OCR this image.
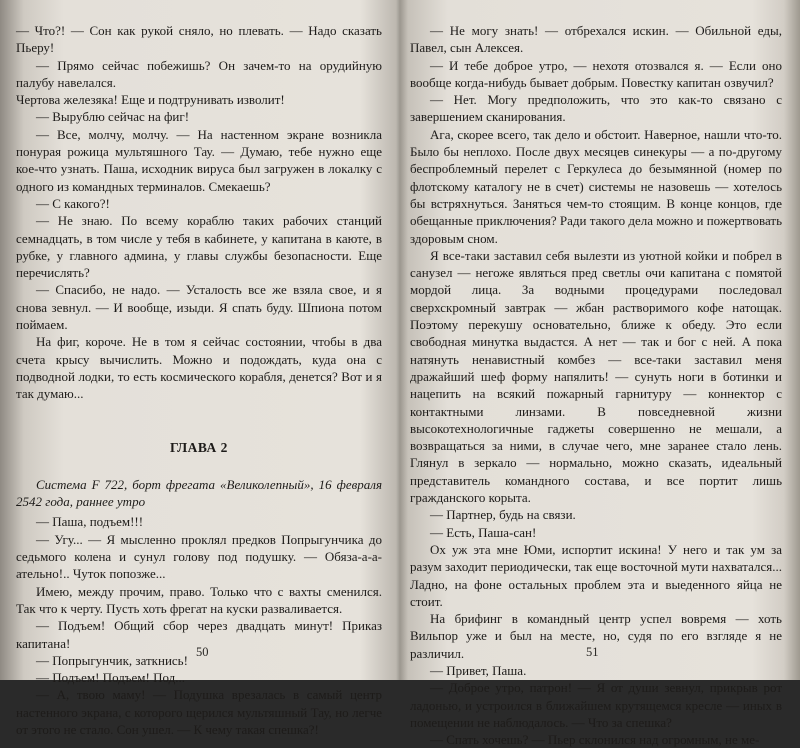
— Что?! — Сон как рукой сняло, но плевать. — Надо сказать Пьеру!

— Прямо сейчас побежишь? Он зачем-то на орудийную палубу навелался.

Чертова железяка! Еще и подтрунивать изволит!

— Вырублю сейчас на фиг!

— Все, молчу, молчу. — На настенном экране возникла понурая рожица мультяшного Тау. — Думаю, тебе нужно еще кое-что узнать. Паша, исходник вируса был загружен в локалку с одного из командных терминалов. Смекаешь?

— С какого?!

— Не знаю. По всему кораблю таких рабочих станций семнадцать, в том числе у тебя в кабинете, у капитана в каюте, в рубке, у главного админа, у главы службы безопасности. Еще перечислять?

— Спасибо, не надо. — Усталость все же взяла свое, и я снова зевнул. — И вообще, изыди. Я спать буду. Шпиона потом поймаем.

На фиг, короче. Не в том я сейчас состоянии, чтобы в два счета крысу вычислить. Можно и подождать, куда она с подводной лодки, то есть космического корабля, денется? Вот и я так думаю...

ГЛАВА 2

Система F 722, борт фрегата «Великолепный», 16 февраля 2542 года, раннее утро

— Паша, подъем!!!

— Угу... — Я мысленно проклял предков Попрыгунчика до седьмого колена и сунул голову под подушку. — Обяза-а-а-ательно!.. Чуток попозже...

Имею, между прочим, право. Только что с вахты сменился. Так что к черту. Пусть хоть фрегат на куски разваливается.

— Подъем! Общий сбор через двадцать минут! Приказ капитана!

— Попрыгунчик, заткнись!

— Подъем! Подъем! Под...

— А, твою маму! — Подушка врезалась в самый центр настенного экрана, с которого щерился мультяшный Тау, но легче от этого не стало. Сон ушел. — К чему такая спешка?!

50

— Не могу знать! — отбрехался искин. — Обильной еды, Павел, сын Алексея.

— И тебе доброе утро, — нехотя отозвался я. — Если оно вообще когда-нибудь бывает добрым. Повестку капитан озвучил?

— Нет. Могу предположить, что это как-то связано с завершением сканирования.

Ага, скорее всего, так дело и обстоит. Наверное, нашли что-то. Было бы неплохо. После двух месяцев синекуры — а по-другому беспроблемный перелет с Геркулеса до безымянной (номер по флотскому каталогу не в счет) системы не назовешь — хотелось бы встряхнуться. Заняться чем-то стоящим. В конце концов, где обещанные приключения? Ради такого дела можно и пожертвовать здоровым сном.

Я все-таки заставил себя вылезти из уютной койки и побрел в санузел — негоже являться пред светлы очи капитана с помятой мордой лица. За водными процедурами последовал сверхскромный завтрак — жбан растворимого кофе натощак. Поэтому перекушу основательно, ближе к обеду. Это если свободная минутка выдастся. А нет — так и бог с ней. А пока натянуть ненавистный комбез — все-таки заставил меня дражайший шеф форму напялить! — сунуть ноги в ботинки и нацепить на всякий пожарный гарнитуру — коннектор с контактными линзами. В повседневной жизни высокотехнологичные гаджеты совершенно не мешали, а возвращаться за ними, в случае чего, мне заранее стало лень. Глянул в зеркало — нормально, можно сказать, идеальный представитель командного состава, и все портит лишь гражданского корыта.

— Партнер, будь на связи.

— Есть, Паша-сан!

Ох уж эта мне Юми, испортит искина! У него и так ум за разум заходит периодически, так еще восточной мути нахватался... Ладно, на фоне остальных проблем эта и выеденного яйца не стоит.

На брифинг в командный центр успел вовремя — хоть Вильпор уже и был на месте, но, судя по его взгляде я не различил.

— Привет, Паша.

— Доброе утро, патрон! — Я от души зевнул, прикрыв рот ладонью, и устроился в ближайшем крутящемся кресле — иных в помещении не наблюдалось. — Что за спешка?

— Спать хочешь? — Пьер склонился над огромным, не ме-

51
